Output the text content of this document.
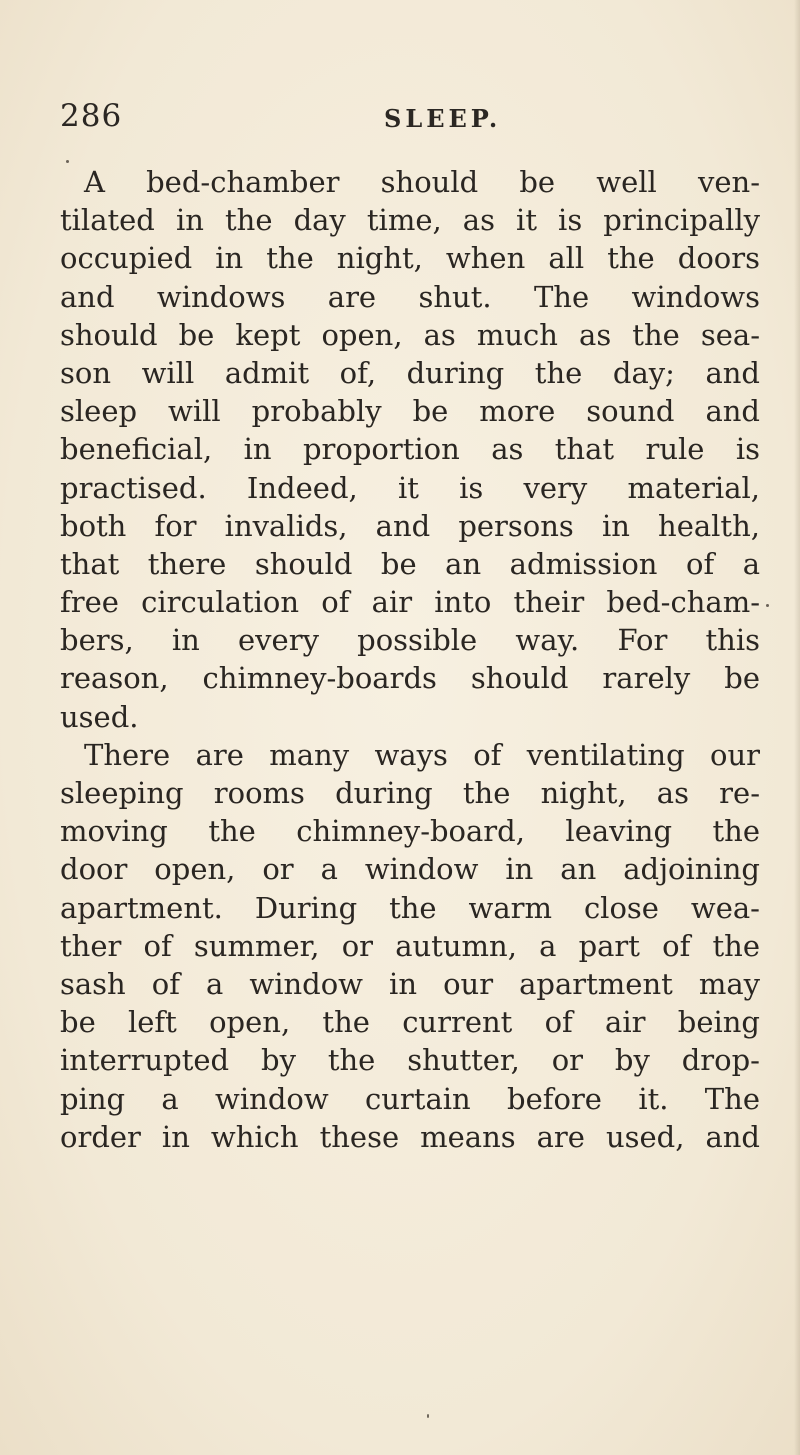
286	SLEEP.
A bed-chamber should be well ven-
tilated in the day time, as it is principally
occupied in the night, when all the doors
and windows are shut. The windows
should be kept open, as much as the sea-
son will admit of, during the day; and
sleep will probably be more sound and
beneficial, in proportion as that rule is
practised. Indeed, it is very material,
both for invalids, and persons in health,
that there should be an admission of a
free circulation of air into their bed-cham-
bers, in every possible way. For this
reason, chimney-boards should rarely be
used.
There are many ways of ventilating our
sleeping rooms during the night, as re-
moving the chimney-board, leaving the
door open, or a window in an adjoining
apartment. During the warm close wea-
ther of summer, or autumn, a part of the
sash of a window in our apartment may
be left open, the current of air being
interrupted by the shutter, or by drop-
ping a window curtain before it. The
order in which these means are used, and
